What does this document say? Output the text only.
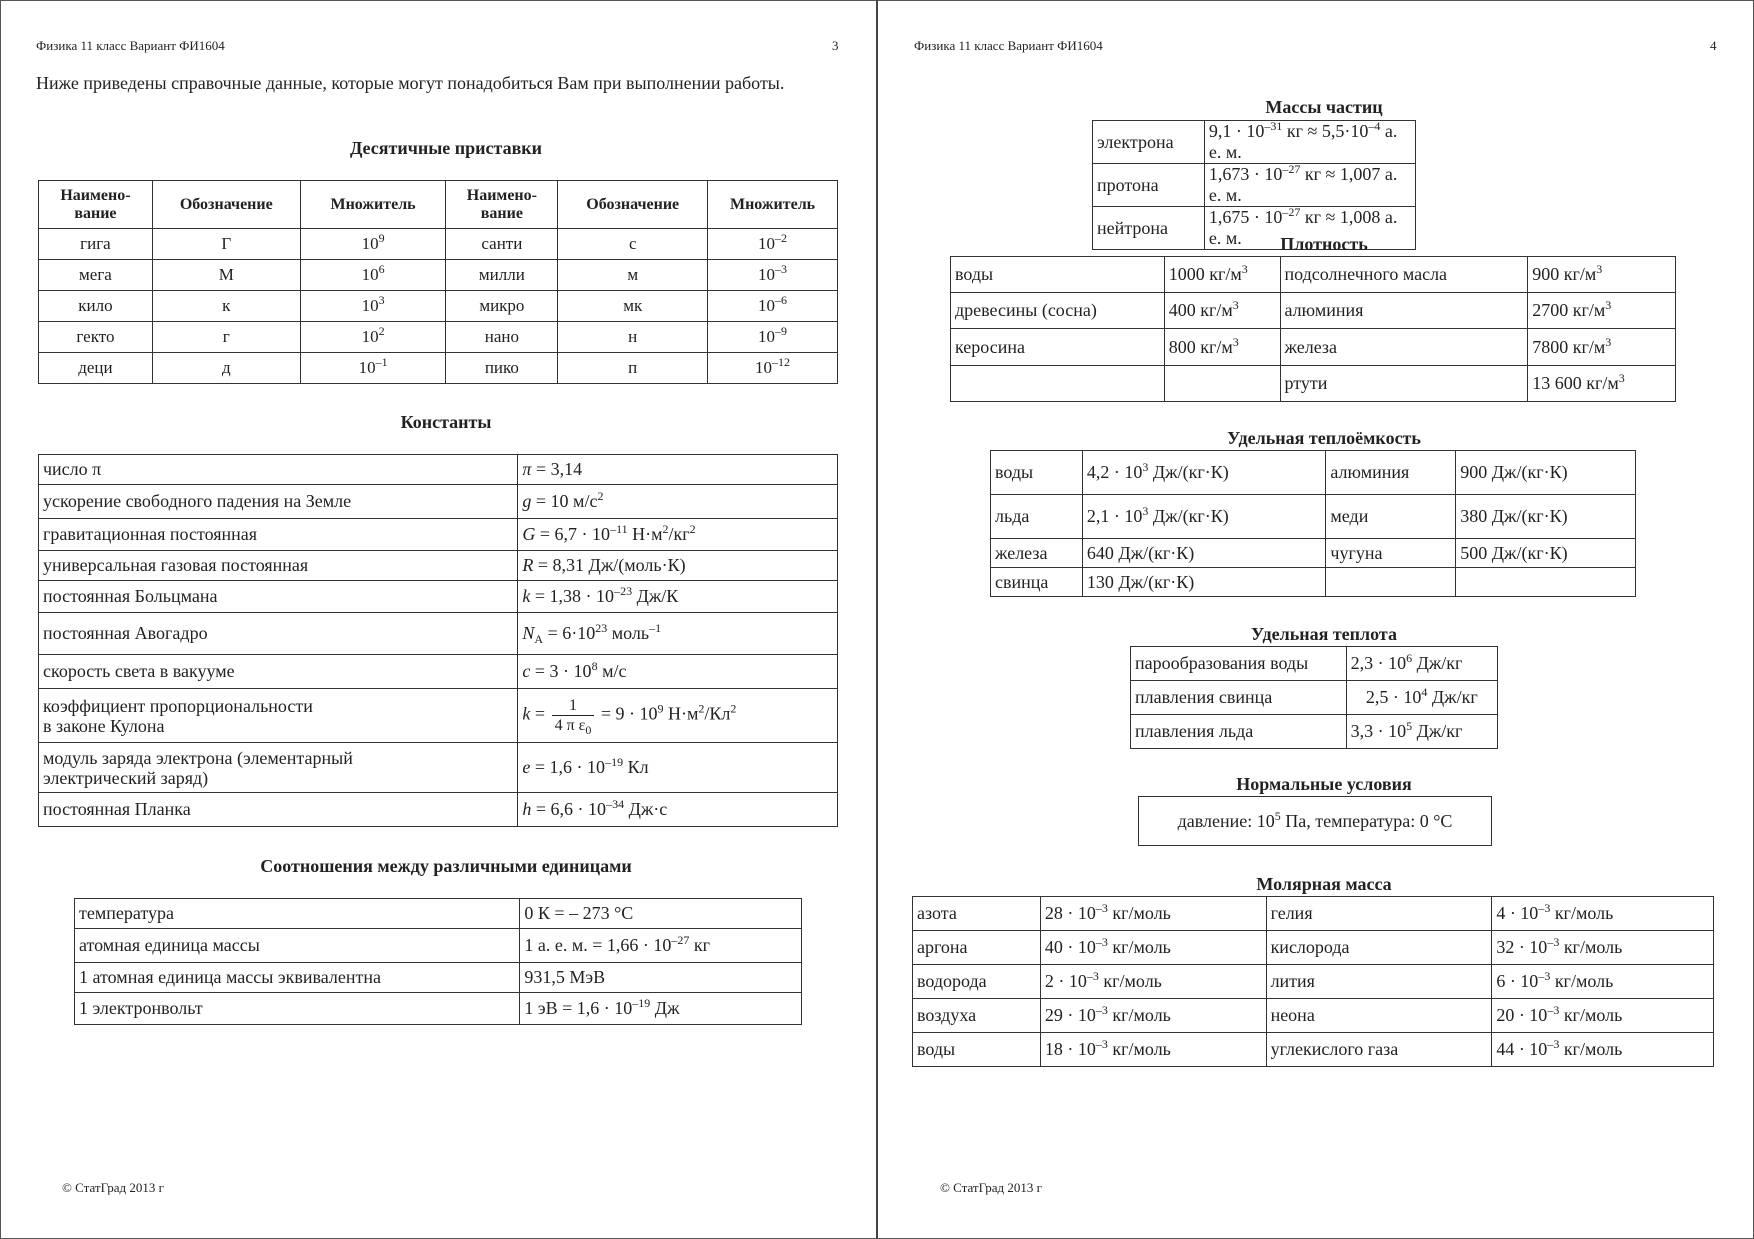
Физика 11 класс Вариант ФИ1604	3
Ниже приведены справочные данные, которые могут понадобиться Вам при выполнении работы.
Десятичные приставки
Наимено-вание	Обозначение	Множитель	Наимено-вание	Обозначение	Множитель
гига	Г	$10^9$	санти	с	$10^{-2}$
мега	М	$10^6$	милли	м	$10^{-3}$
кило	к	$10^3$	микро	мк	$10^{-6}$
гекто	г	$10^2$	нано	н	$10^{-9}$
деци	д	$10^{-1}$	пико	п	$10^{-12}$
Константы
число π	π = 3,14
ускорение свободного падения на Земле	g = 10 $м/с^2$
гравитационная постоянная	$G = 6,7 \cdot 10^{-11}$ $Н\cdot м^2/кг^2$
универсальная газовая постоянная	R = 8,31 Дж/(моль·К)
постоянная Больцмана	$k = 1,38 \cdot 10^{-23}$ Дж/К
постоянная Авогадро	$N_А = 6\cdot 10^{23}$ моль$^{-1}$
скорость света в вакууме	$c = 3 \cdot 10^8$ м/с
коэффициент пропорциональности
в законе Кулона	$k = \frac{1}{4 \pi \varepsilon_0} = 9 \cdot 10^9$ $Н\cdot м^2/Кл^2$
модуль заряда электрона (элементарный
электрический заряд)	$e = 1,6 \cdot 10^{-19}$ Кл
постоянная Планка	$h = 6,6 \cdot 10^{-34}$ Дж·с
Соотношения между различными единицами
температура	0 К = – 273 °С
атомная единица массы	1 а. е. м. = $1,66 \cdot 10^{-27}$ кг
1 атомная единица массы эквивалентна	931,5 МэВ
1 электронвольт	1 эВ = $1,6 \cdot 10^{-19}$ Дж
© СтатГрад 2013 г
Физика 11 класс Вариант ФИ1604	4
Массы частиц
электрона	$9,1 \cdot 10^{-31}$ кг ≈ $5,5\cdot 10^{-4}$ а. е. м.
протона	$1,673 \cdot 10^{-27}$ кг ≈ 1,007 а. е. м.
нейтрона	$1,675 \cdot 10^{-27}$ кг ≈ 1,008 а. е. м.	Плотность
воды	1000 $кг/м^3$	подсолнечного масла	900 $кг/м^3$
древесины (сосна)	400 $кг/м^3$	алюминия	2700 $кг/м^3$
керосина	800 $кг/м^3$	железа	7800 $кг/м^3$
		ртути	13 600 $кг/м^3$
Удельная теплоёмкость
воды	$4,2 \cdot 10^3$ Дж/(кг·К)	алюминия	900 Дж/(кг·К)
льда	$2,1 \cdot 10^3$ Дж/(кг·К)	меди	380 Дж/(кг·К)
железа	640 Дж/(кг·К)	чугуна	500 Дж/(кг·К)
свинца	130 Дж/(кг·К)		
Удельная теплота
парообразования воды	$2,3 \cdot 10^6$ Дж/кг
плавления свинца	$2,5 \cdot 10^4$ Дж/кг
плавления льда	$3,3 \cdot 10^5$ Дж/кг
Нормальные условия
давление: $10^5$ Па, температура: 0 °С
Молярная масса
азота	$28 \cdot 10^{-3}$ кг/моль	гелия	$4 \cdot 10^{-3}$ кг/моль
аргона	$40 \cdot 10^{-3}$ кг/моль	кислорода	$32 \cdot 10^{-3}$ кг/моль
водорода	$2 \cdot 10^{-3}$ кг/моль	лития	$6 \cdot 10^{-3}$ кг/моль
воздуха	$29 \cdot 10^{-3}$ кг/моль	неона	$20 \cdot 10^{-3}$ кг/моль
воды	$18 \cdot 10^{-3}$ кг/моль	углекислого газа	$44 \cdot 10^{-3}$ кг/моль
© СтатГрад 2013 г
